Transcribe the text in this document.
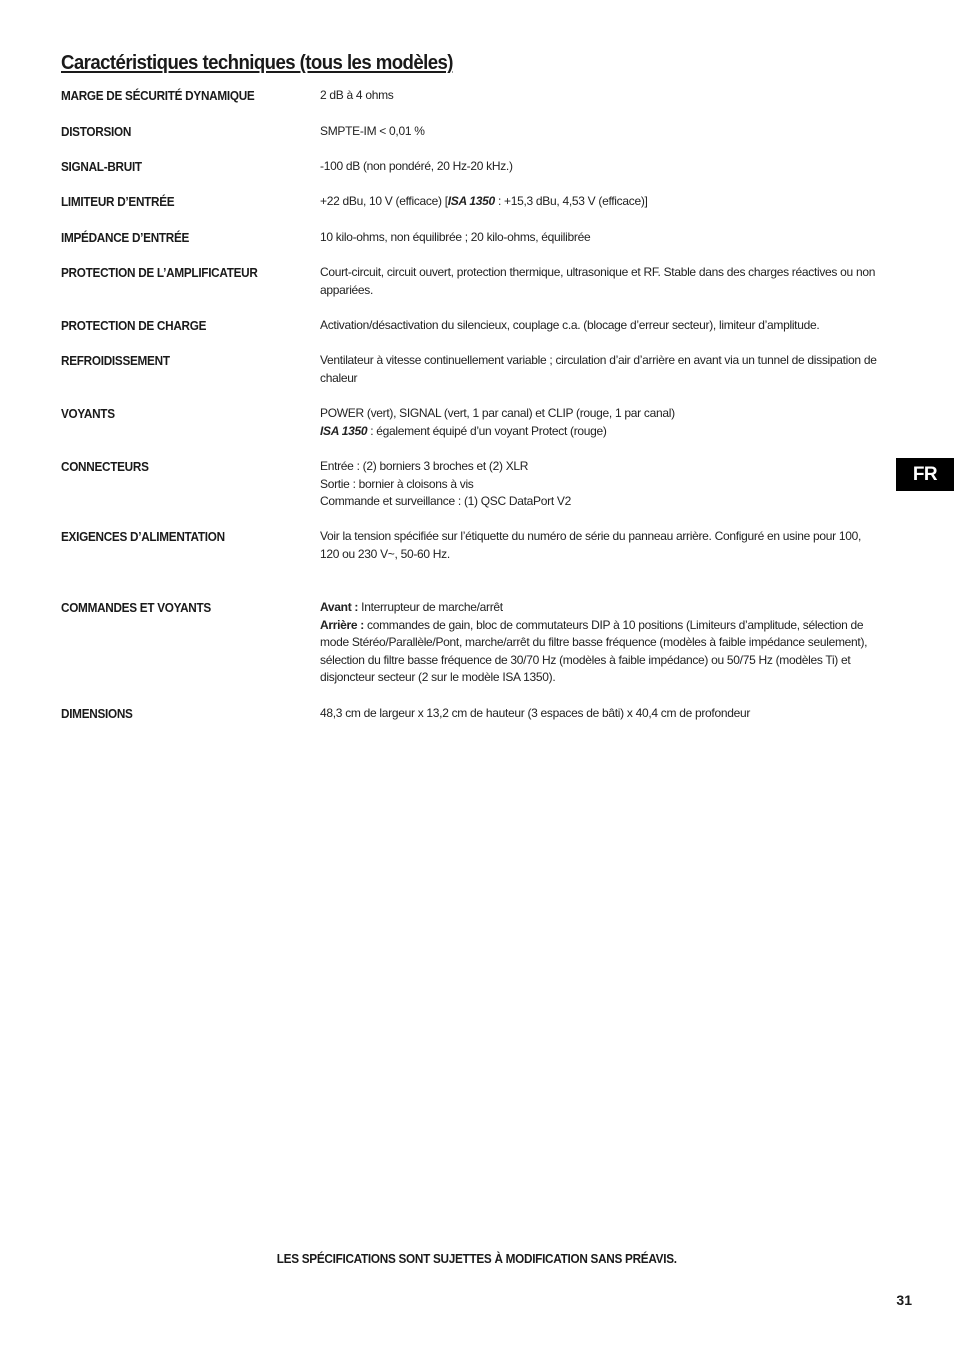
Caractéristiques techniques (tous les modèles)
MARGE DE SÉCURITÉ DYNAMIQUE	2 dB à 4 ohms
DISTORSION	SMPTE-IM < 0,01 %
SIGNAL-BRUIT	-100 dB (non pondéré, 20 Hz-20 kHz.)
LIMITEUR D’ENTRÉE	+22 dBu, 10 V (efficace) [ISA 1350 : +15,3 dBu, 4,53 V (efficace)]
IMPÉDANCE D’ENTRÉE	10 kilo-ohms, non équilibrée ; 20 kilo-ohms, équilibrée
PROTECTION DE L’AMPLIFICATEUR	Court-circuit, circuit ouvert, protection thermique, ultrasonique et RF. Stable dans des charges réactives ou non appariées.
PROTECTION DE CHARGE	Activation/désactivation du silencieux, couplage c.a. (blocage d’erreur secteur), limiteur d’amplitude.
REFROIDISSEMENT	Ventilateur à vitesse continuellement variable ; circulation d’air d’arrière en avant via un tunnel de dissipation de chaleur
VOYANTS	POWER (vert), SIGNAL (vert, 1 par canal) et CLIP (rouge, 1 par canal)
ISA 1350 : également équipé d’un voyant Protect (rouge)
CONNECTEURS	Entrée : (2) borniers 3 broches et (2) XLR
Sortie : bornier à cloisons à vis
Commande et surveillance : (1) QSC DataPort V2
EXIGENCES D’ALIMENTATION	Voir la tension spécifiée sur l’étiquette du numéro de série du panneau arrière. Configuré en usine pour 100, 120 ou 230 V~, 50-60 Hz.
COMMANDES ET VOYANTS	Avant : Interrupteur de marche/arrêt
Arrière : commandes de gain, bloc de commutateurs DIP à 10 positions (Limiteurs d’amplitude, sélection de mode Stéréo/Parallèle/Pont, marche/arrêt du filtre basse fréquence (modèles à faible impédance seulement), sélection du filtre basse fréquence de 30/70 Hz (modèles à faible impédance) ou 50/75 Hz (modèles Ti) et disjoncteur secteur (2 sur le modèle ISA 1350).
DIMENSIONS	48,3 cm de largeur x 13,2 cm de hauteur (3 espaces de bâti) x 40,4 cm de profondeur
FR
LES SPÉCIFICATIONS SONT SUJETTES À MODIFICATION SANS PRÉAVIS.
31
